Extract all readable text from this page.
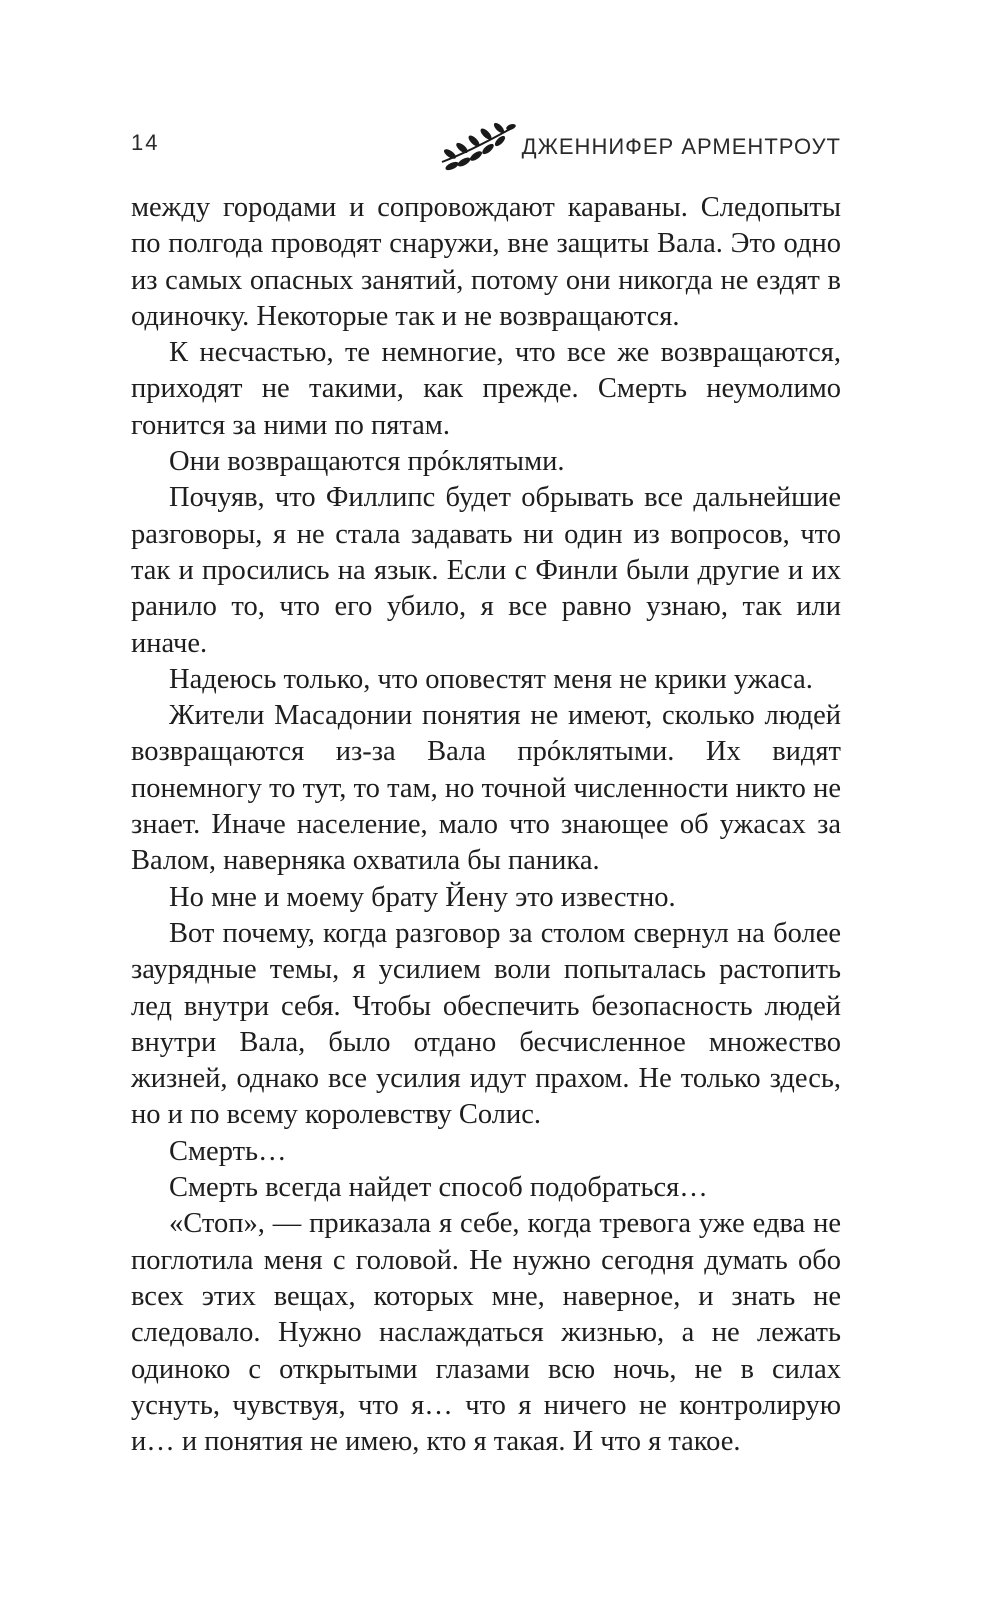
14	ДЖЕННИФЕР АРМЕНТРОУТ

между городами и сопровождают караваны. Следопыты по полгода проводят снаружи, вне защиты Вала. Это одно из самых опасных занятий, потому они никогда не ездят в одиночку. Некоторые так и не возвращаются.

К несчастью, те немногие, что все же возвращаются, приходят не такими, как прежде. Смерть неумолимо гонится за ними по пятам.

Они возвращаются прóклятыми.

Почуяв, что Филлипс будет обрывать все дальнейшие разговоры, я не стала задавать ни один из вопросов, что так и просились на язык. Если с Финли были другие и их ранило то, что его убило, я все равно узнаю, так или иначе.

Надеюсь только, что оповестят меня не крики ужаса.

Жители Масадонии понятия не имеют, сколько людей возвращаются из-за Вала прóклятыми. Их видят понемногу то тут, то там, но точной численности никто не знает. Иначе население, мало что знающее об ужасах за Валом, наверняка охватила бы паника.

Но мне и моему брату Йену это известно.

Вот почему, когда разговор за столом свернул на более заурядные темы, я усилием воли попыталась растопить лед внутри себя. Чтобы обеспечить безопасность людей внутри Вала, было отдано бесчисленное множество жизней, однако все усилия идут прахом. Не только здесь, но и по всему королевству Солис.

Смерть…

Смерть всегда найдет способ подобраться…

«Стоп», — приказала я себе, когда тревога уже едва не поглотила меня с головой. Не нужно сегодня думать обо всех этих вещах, которых мне, наверное, и знать не следовало. Нужно наслаждаться жизнью, а не лежать одиноко с открытыми глазами всю ночь, не в силах уснуть, чувствуя, что я… что я ничего не контролирую и… и понятия не имею, кто я такая. И что я такое.
